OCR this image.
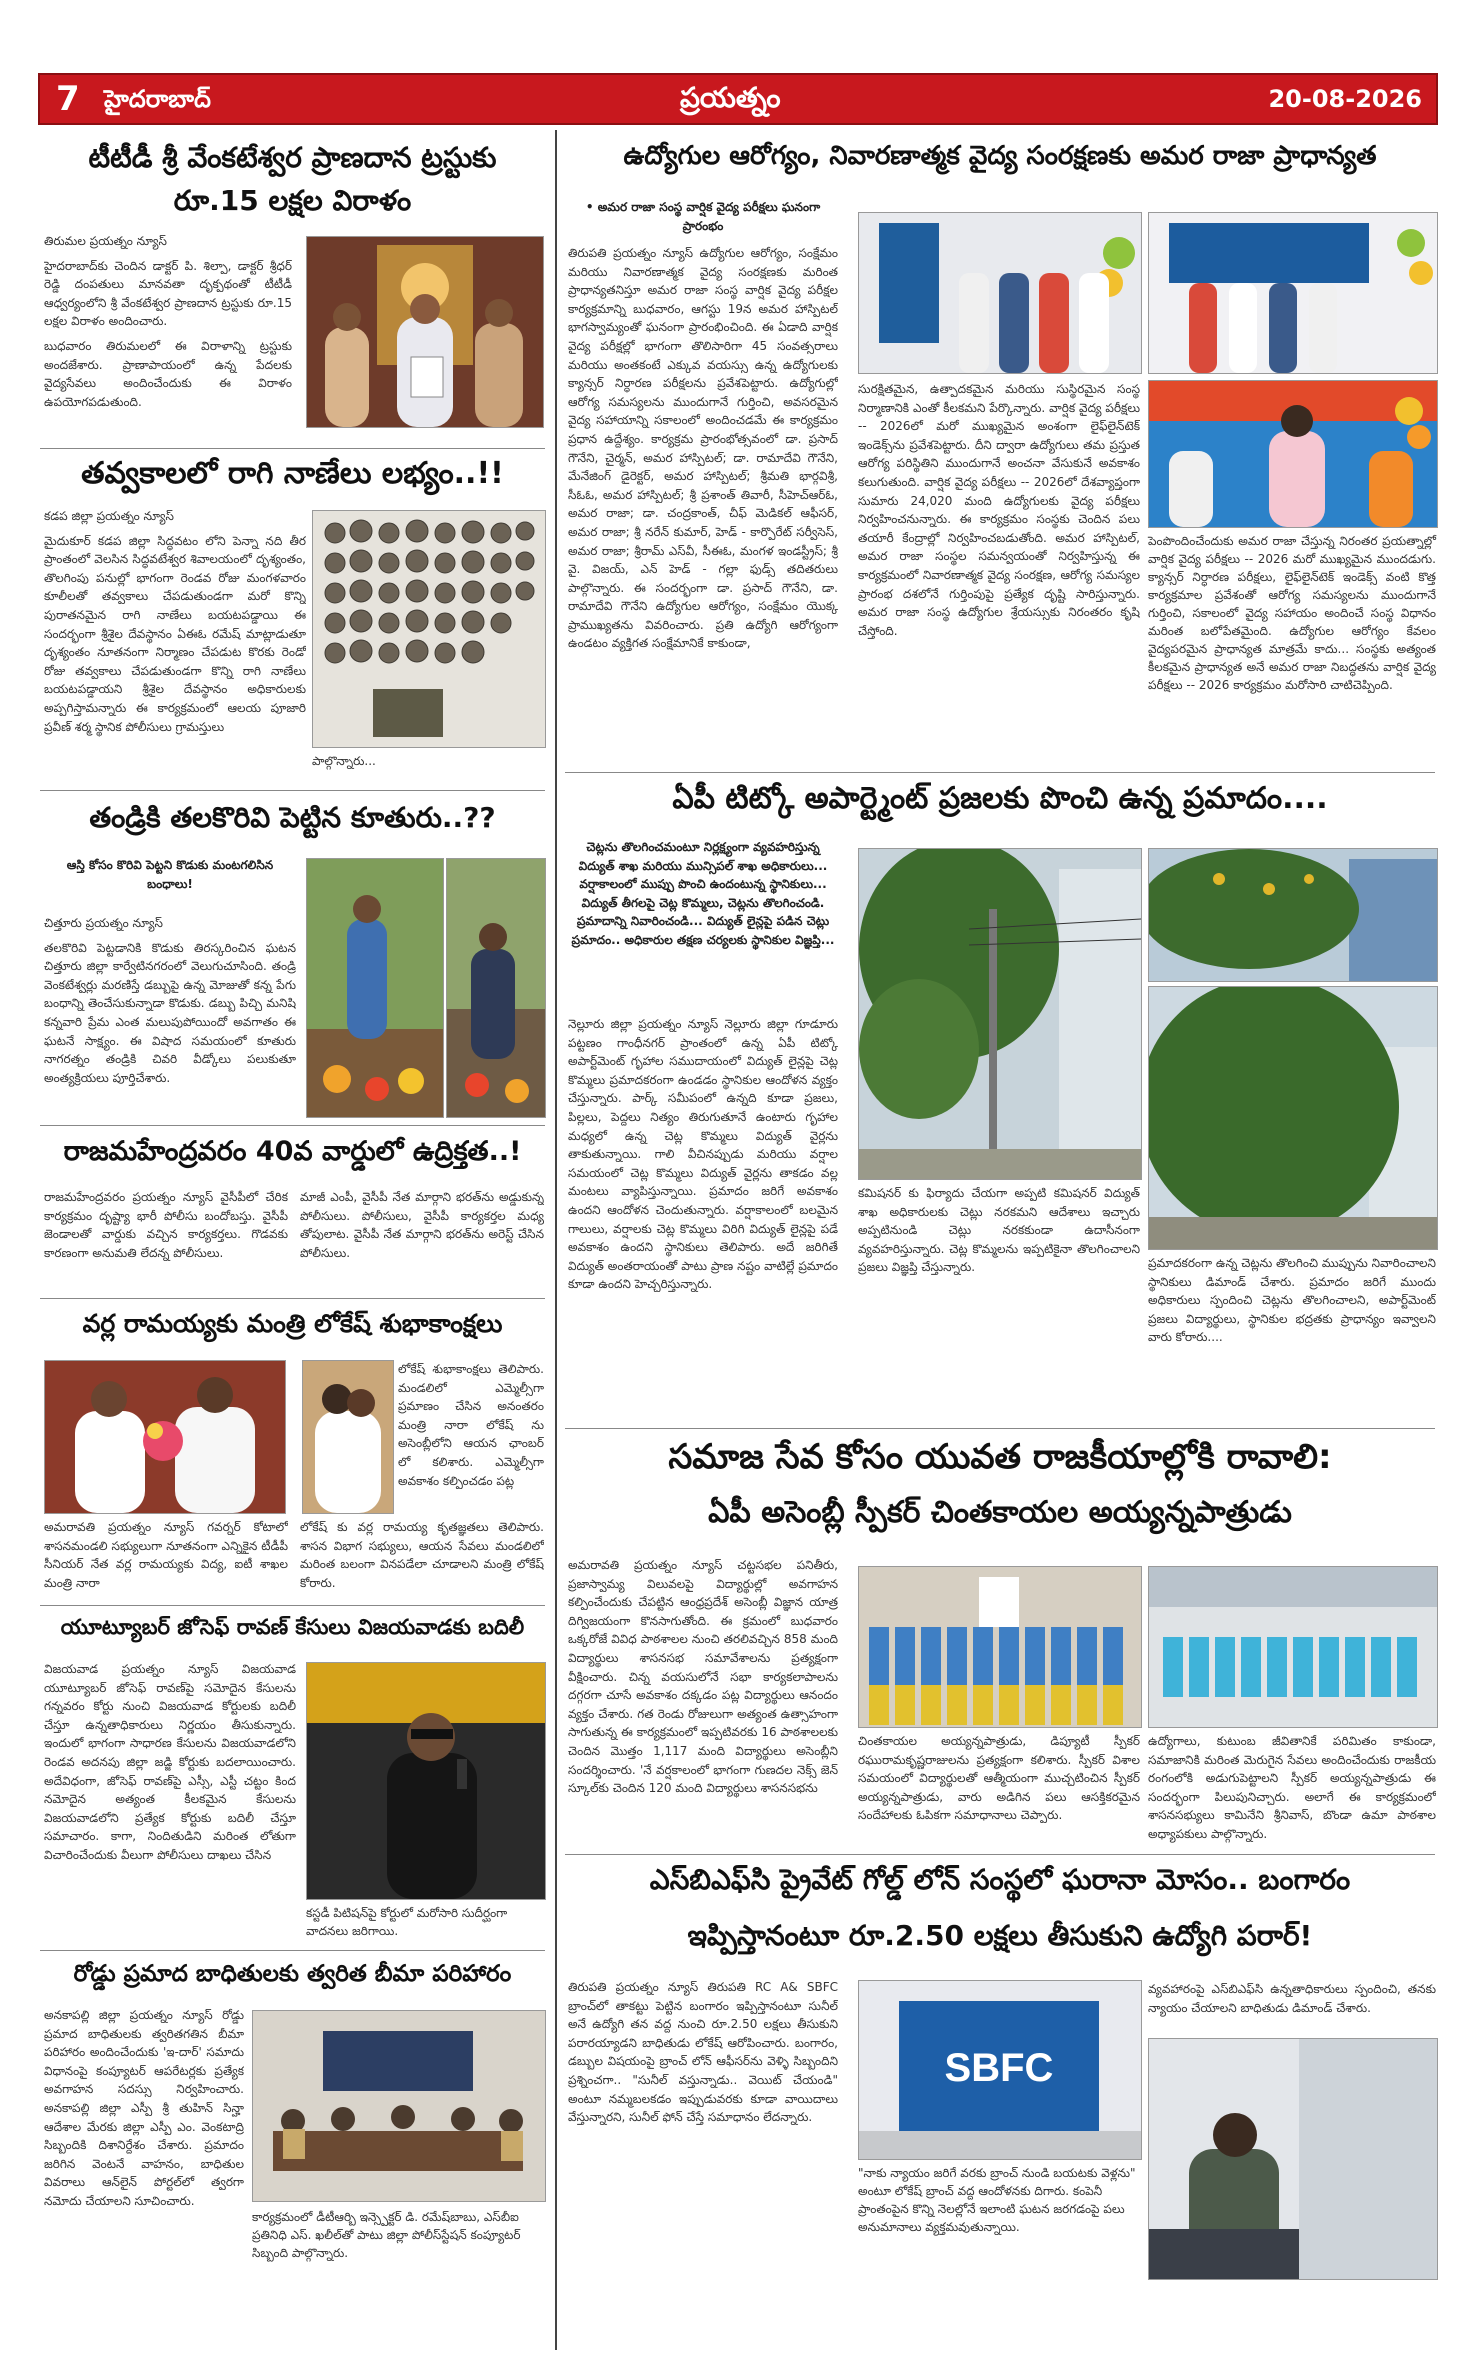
7 హైదరాబాద్	ప్రయత్నం	20-08-2026
టీటీడీ శ్రీ వేంకటేశ్వర ప్రాణదాన ట్రస్టుకు
రూ.15 లక్షల విరాళం

తిరుమల ప్రయత్నం న్యూస్

హైదరాబాద్‌కు చెందిన డాక్టర్ పి. శిల్పా, డాక్టర్ శ్రీధర్ రెడ్డి దంపతులు మానవతా దృక్పథంతో టీటీడీ ఆధ్వర్యంలోని శ్రీ వేంకటేశ్వర ప్రాణదాన ట్రస్టుకు రూ.15 లక్షల విరాళం అందించారు.

బుధవారం తిరుమలలో ఈ విరాళాన్ని ట్రస్టుకు అందజేశారు. ప్రాణాపాయంలో ఉన్న పేదలకు వైద్యసేవలు అందించేందుకు ఈ విరాళం ఉపయోగపడుతుంది.

తవ్వకాలలో రాగి నాణేలు లభ్యం..!!

కడప జిల్లా ప్రయత్నం న్యూస్

మైదుకూర్ కడప జిల్లా సిద్ధవటం లోని పెన్నా నది తీర ప్రాంతంలో వెలసిన సిద్ధవటేశ్వర శివాలయంలో దృశ్యంతం, తొలగింపు పనుల్లో భాగంగా రెండవ రోజు మంగళవారం కూలీలతో తవ్వకాలు చేపడుతుండగా మరో కొన్ని పురాతనమైన రాగి నాణేలు బయటపడ్డాయి ఈ సందర్భంగా శ్రీశైల దేవస్థానం ఏఈఓ రమేష్ మాట్లాడుతూ దృశ్యంతం నూతనంగా నిర్మాణం చేపడుట కొరకు రెండో రోజు తవ్వకాలు చేపడుతుండగా కొన్ని రాగి నాణేలు బయటపడ్డాయని శ్రీశైల దేవస్థానం అధికారులకు అప్పగిస్తామన్నారు ఈ కార్యక్రమంలో ఆలయ పూజారి ప్రవీణ్ శర్మ స్థానిక పోలీసులు గ్రామస్తులు

పాల్గొన్నారు...
తండ్రికి తలకొరివి పెట్టిన కూతురు..??
ఆస్తి కోసం కొరివి పెట్టని కొడుకు మంటగలిసిన బంధాలు!

చిత్తూరు ప్రయత్నం న్యూస్

తలకొరివి పెట్టడానికి కొడుకు తిరస్కరించిన ఘటన చిత్తూరు జిల్లా కార్వేటినగరంలో వెలుగుచూసింది. తండ్రి వెంకటేశ్వర్లు మరణిస్తే డబ్బుపై ఉన్న మోజుతో కన్న పేగు బంధాన్ని తెంచేసుకున్నాడా కొడుకు. డబ్బు పిచ్చి మనిషి కన్నవారి ప్రేమ ఎంత మలుపుపోయిందో అవగాతం ఈ ఘటనే సాక్ష్యం. ఈ విషాద సమయంలో కూతురు నాగరత్నం తండ్రికి చివరి వీడ్కోలు పలుకుతూ అంత్యక్రియలు పూర్తిచేశారు.

రాజమహేంద్రవరం 40వ వార్డులో ఉద్రిక్తత..!
రాజమహేంద్రవరం ప్రయత్నం న్యూస్ వైసీపీలో చేరిక కార్యక్రమం దృష్ట్యా భారీ పోలీసు బందోబస్తు. వైసీపీ జెండాలతో వార్డుకు వచ్చిన కార్యకర్తలు. గొడవకు కారణంగా అనుమతి లేదన్న పోలీసులు.
మాజీ ఎంపీ, వైసీపీ నేత మార్గాని భరత్‌ను అడ్డుకున్న పోలీసులు. పోలీసులు, వైసీపీ కార్యకర్తల మధ్య తోపులాట. వైసీపీ నేత మార్గాని భరత్‌ను అరెస్ట్ చేసిన పోలీసులు.
వర్ల రామయ్యకు మంత్రి లోకేష్ శుభాకాంక్షలు
లోకేష్ శుభాకాంక్షలు తెలిపారు. మండలిలో ఎమ్మెల్సీగా ప్రమాణం చేసిన అనంతరం మంత్రి నారా లోకేష్ ను అసెంబ్లీలోని ఆయన ఛాంబర్ లో కలిశారు. ఎమ్మెల్సీగా అవకాశం కల్పించడం పట్ల
అమరావతి ప్రయత్నం న్యూస్ గవర్నర్ కోటాలో శాసనమండలి సభ్యులుగా నూతనంగా ఎన్నికైన టీడీపీ సీనియర్ నేత వర్ల రామయ్యకు విద్య, ఐటీ శాఖల మంత్రి నారా
లోకేష్ కు వర్ల రామయ్య కృతజ్ఞతలు తెలిపారు. శాసన విభాగ సభ్యులు, ఆయన సేవలు మండలిలో మరింత బలంగా వినపడేలా చూడాలని మంత్రి లోకేష్ కోరారు.
యూట్యూబర్ జోసెఫ్ రావణ్ కేసులు విజయవాడకు బదిలీ
విజయవాడ ప్రయత్నం న్యూస్ విజయవాడ యూట్యూబర్ జోసెఫ్ రావణ్‌పై సమోదైన కేసులను గన్నవరం కోర్టు నుంచి విజయవాడ కోర్టులకు బదిలీ చేస్తూ ఉన్నతాధికారులు నిర్ణయం తీసుకున్నారు. ఇందులో భాగంగా సాధారణ కేసులను విజయవాడలోని రెండవ అదనపు జిల్లా జడ్జి కోర్టుకు బదలాయించారు. అదేవిధంగా, జోసెఫ్ రావణ్‌పై ఎస్సీ, ఎస్టీ చట్టం కింద నమోదైన అత్యంత కీలకమైన కేసులను విజయవాడలోని ప్రత్యేక కోర్టుకు బదిలీ చేస్తూ సమాచారం. కాగా, నిందితుడిని మరింత లోతుగా విచారించేందుకు వీలుగా పోలీసులు దాఖలు చేసిన
కస్టడీ పిటిషన్‌పై కోర్టులో మరోసారి సుదీర్ఘంగా వాదనలు జరిగాయి.
రోడ్డు ప్రమాద బాధితులకు త్వరిత బీమా పరిహారం
అనకాపల్లి జిల్లా ప్రయత్నం న్యూస్ రోడ్డు ప్రమాద బాధితులకు త్వరితగతిన బీమా పరిహారం అందించేందుకు 'ఇ-దార్' సమాదు విధానంపై కంప్యూటర్ ఆపరేటర్లకు ప్రత్యేక అవగాహన సదస్సు నిర్వహించారు. అనకాపల్లి జిల్లా ఎస్పీ శ్రీ తుహిన్ సిన్హా ఆదేశాల మేరకు జిల్లా ఎస్పీ ఎం. వెంకటాద్రి సిబ్బందికి దిశానిర్దేశం చేశారు. ప్రమాదం జరిగిన వెంటనే వాహనం, బాధితుల వివరాలు ఆన్‌లైన్ పోర్టల్‌లో త్వరగా నమోదు చేయాలని సూచించారు.
కార్యక్రమంలో డీటీఆర్బి ఇన్స్పెక్టర్ డి. రమేష్‌బాబు, ఎస్‌బీఐ ప్రతినిధి ఎస్. ఖలీల్‌తో పాటు జిల్లా పోలీస్‌స్టేషన్ కంప్యూటర్ సిబ్బంది పాల్గొన్నారు.
ఉద్యోగుల ఆరోగ్యం, నివారణాత్మక వైద్య సంరక్షణకు అమర రాజా ప్రాధాన్యత
• అమర రాజా సంస్థ వార్షిక వైద్య పరీక్షలు ఘనంగా ప్రారంభం
తిరుపతి ప్రయత్నం న్యూస్ ఉద్యోగుల ఆరోగ్యం, సంక్షేమం మరియు నివారణాత్మక వైద్య సంరక్షణకు మరింత ప్రాధాన్యతనిస్తూ అమర రాజా సంస్థ వార్షిక వైద్య పరీక్షల కార్యక్రమాన్ని బుధవారం, ఆగస్టు 19న అమర హాస్పిటల్ భాగస్వామ్యంతో ఘనంగా ప్రారంభించింది. ఈ ఏడాది వార్షిక వైద్య పరీక్షల్లో భాగంగా తొలిసారిగా 45 సంవత్సరాలు మరియు అంతకంటే ఎక్కువ వయస్సు ఉన్న ఉద్యోగులకు క్యాన్సర్ నిర్ధారణ పరీక్షలను ప్రవేశపెట్టారు. ఉద్యోగుల్లో ఆరోగ్య సమస్యలను ముందుగానే గుర్తించి, అవసరమైన వైద్య సహాయాన్ని సకాలంలో అందించడమే ఈ కార్యక్రమం ప్రధాన ఉద్దేశ్యం. కార్యక్రమ ప్రారంభోత్సవంలో డా. ప్రసాద్ గౌనేని, చైర్మన్, అమర హాస్పిటల్; డా. రామాదేవి గౌనేని, మేనేజింగ్ డైరెక్టర్, అమర హాస్పిటల్; శ్రీమతి భార్గవిశ్రీ, సీఓఓ, అమర హాస్పిటల్; శ్రీ ప్రశాంత్ తివారీ, సీహెచ్ఆర్ఓ, అమర రాజా; డా. చంద్రకాంత్, చీఫ్ మెడికల్ ఆఫీసర్, అమర రాజా; శ్రీ నరేన్ కుమార్, హెడ్ - కార్పొరేట్ సర్వీసెస్, అమర రాజా; శ్రీరామ్ ఎస్‌వీ, సీఈఓ, మంగళ ఇండస్ట్రీస్; శ్రీ వై. విజయ్, ఎన్ హెడ్ - గల్లా ఫుడ్స్ తదితరులు పాల్గొన్నారు. ఈ సందర్భంగా డా. ప్రసాద్ గౌనేని, డా. రామాదేవి గౌనేని ఉద్యోగుల ఆరోగ్యం, సంక్షేమం యొక్క ప్రాముఖ్యతను వివరించారు. ప్రతి ఉద్యోగి ఆరోగ్యంగా ఉండటం వ్యక్తిగత సంక్షేమానికే కాకుండా,
సురక్షితమైన, ఉత్పాదకమైన మరియు సుస్థిరమైన సంస్థ నిర్మాణానికి ఎంతో కీలకమని పేర్కొన్నారు. వార్షిక వైద్య పరీక్షలు -- 2026లో మరో ముఖ్యమైన అంశంగా లైఫ్‌లైన్‌టెక్ ఇండెక్స్‌ను ప్రవేశపెట్టారు. దీని ద్వారా ఉద్యోగులు తమ ప్రస్తుత ఆరోగ్య పరిస్థితిని ముందుగానే అంచనా వేసుకునే అవకాశం కలుగుతుంది. వార్షిక వైద్య పరీక్షలు -- 2026లో దేశవ్యాప్తంగా సుమారు 24,020 మంది ఉద్యోగులకు వైద్య పరీక్షలు నిర్వహించనున్నారు. ఈ కార్యక్రమం సంస్థకు చెందిన పలు తయారీ కేంద్రాల్లో నిర్వహించబడుతోంది. అమర హాస్పిటల్, అమర రాజా సంస్థల సమన్వయంతో నిర్వహిస్తున్న ఈ కార్యక్రమంలో నివారణాత్మక వైద్య సంరక్షణ, ఆరోగ్య సమస్యల ప్రారంభ దశలోనే గుర్తింపుపై ప్రత్యేక దృష్టి సారిస్తున్నారు. అమర రాజా సంస్థ ఉద్యోగుల శ్రేయస్సుకు నిరంతరం కృషి చేస్తోంది.
పెంపొందించేందుకు అమర రాజా చేస్తున్న నిరంతర ప్రయత్నాల్లో వార్షిక వైద్య పరీక్షలు -- 2026 మరో ముఖ్యమైన ముందడుగు. క్యాన్సర్ నిర్ధారణ పరీక్షలు, లైఫ్‌లైన్‌టెక్ ఇండెక్స్ వంటి కొత్త కార్యక్రమాల ప్రవేశంతో ఆరోగ్య సమస్యలను ముందుగానే గుర్తించి, సకాలంలో వైద్య సహాయం అందించే సంస్థ విధానం మరింత బలోపేతమైంది. ఉద్యోగుల ఆరోగ్యం కేవలం వైద్యపరమైన ప్రాధాన్యత మాత్రమే కాదు... సంస్థకు అత్యంత కీలకమైన ప్రాధాన్యత అనే అమర రాజా నిబద్ధతను వార్షిక వైద్య పరీక్షలు -- 2026 కార్యక్రమం మరోసారి చాటిచెప్పింది.
ఏపీ టిట్కో అపార్ట్మెంట్ ప్రజలకు పొంచి ఉన్న ప్రమాదం....
చెట్లను తొలగించమంటూ నిర్లక్ష్యంగా వ్యవహరిస్తున్న విద్యుత్ శాఖ మరియు మున్సిపల్ శాఖ అధికారులు... వర్షాకాలంలో ముప్పు పొంచి ఉందంటున్న స్థానికులు... విద్యుత్ తీగలపై చెట్ల కొమ్మలు, చెట్లను తొలగించండి. ప్రమాదాన్ని నివారించండి... విద్యుత్ లైన్లపై పడిన చెట్లు ప్రమాదం.. అధికారుల తక్షణ చర్యలకు స్థానికుల విజ్ఞప్తి...
నెల్లూరు జిల్లా ప్రయత్నం న్యూస్ నెల్లూరు జిల్లా గూడూరు పట్టణం గాంధీనగర్ ప్రాంతంలో ఉన్న ఏపీ టిట్కో అపార్ట్‌మెంట్ గృహాల సముదాయంలో విద్యుత్ లైన్లపై చెట్ల కొమ్మలు ప్రమాదకరంగా ఉండడం స్థానికుల ఆందోళన వ్యక్తం చేస్తున్నారు. పార్క్ సమీపంలో ఉన్నది కూడా ప్రజలు, పిల్లలు, పెద్దలు నిత్యం తిరుగుతూనే ఉంటారు గృహాల మధ్యలో ఉన్న చెట్ల కొమ్మలు విద్యుత్ వైర్లను తాకుతున్నాయి. గాలి వీచినప్పుడు మరియు వర్షాల సమయంలో చెట్ల కొమ్మలు విద్యుత్ వైర్లను తాకడం వల్ల మంటలు వ్యాపిస్తున్నాయి. ప్రమాదం జరిగే అవకాశం ఉందని ఆందోళన చెందుతున్నారు. వర్షాకాలంలో బలమైన గాలులు, వర్షాలకు చెట్ల కొమ్మలు విరిగి విద్యుత్ లైన్లపై పడే అవకాశం ఉందని స్థానికులు తెలిపారు. అదే జరిగితే విద్యుత్ అంతరాయంతో పాటు ప్రాణ నష్టం వాటిల్లే ప్రమాదం కూడా ఉందని హెచ్చరిస్తున్నారు.
కమిషనర్ కు ఫిర్యాదు చేయగా అప్పటి కమిషనర్ విద్యుత్ శాఖ అధికారులకు చెట్లు నరకమని ఆదేశాలు ఇచ్చారు అప్పటినుండి చెట్లు నరకకుండా ఉదాసీనంగా వ్యవహరిస్తున్నారు. చెట్ల కొమ్మలను ఇప్పటికైనా తొలగించాలని ప్రజలు విజ్ఞప్తి చేస్తున్నారు.	ప్రమాదకరంగా ఉన్న చెట్లను తొలగించి ముప్పును నివారించాలని స్థానికులు డిమాండ్ చేశారు. ప్రమాదం జరిగే ముందు అధికారులు స్పందించి చెట్లను తొలగించాలని, అపార్ట్‌మెంట్ ప్రజలు విద్యార్థులు, స్థానికుల భద్రతకు ప్రాధాన్యం ఇవ్వాలని వారు కోరారు....
సమాజ సేవ కోసం యువత రాజకీయాల్లోకి రావాలి:
ఏపీ అసెంబ్లీ స్పీకర్ చింతకాయల అయ్యన్నపాత్రుడు
అమరావతి ప్రయత్నం న్యూస్ చట్టసభల పనితీరు, ప్రజాస్వామ్య విలువలపై విద్యార్థుల్లో అవగాహన కల్పించేందుకు చేపట్టిన ఆంధ్రప్రదేశ్ అసెంబ్లీ విజ్ఞాన యాత్ర దిగ్విజయంగా కొనసాగుతోంది. ఈ క్రమంలో బుధవారం ఒక్కరోజే వివిధ పాఠశాలల నుంచి తరలివచ్చిన 858 మంది విద్యార్థులు శాసనసభ సమావేశాలను ప్రత్యక్షంగా వీక్షించారు. చిన్న వయసులోనే సభా కార్యకలాపాలను దగ్గరగా చూసే అవకాశం దక్కడం పట్ల విద్యార్థులు ఆనందం వ్యక్తం చేశారు. గత రెండు రోజులుగా అత్యంత ఉత్సాహంగా సాగుతున్న ఈ కార్యక్రమంలో ఇప్పటివరకు 16 పాఠశాలలకు చెందిన మొత్తం 1,117 మంది విద్యార్థులు అసెంబ్లీని సందర్శించారు. 'నే వర్షకాలంలో భాగంగా గుణదల నెక్స్ జెన్ స్కూల్‌కు చెందిన 120 మంది విద్యార్థులు శాసనసభను
చింతకాయల అయ్యన్నపాత్రుడు, డిప్యూటీ స్పీకర్ రఘురామకృష్ణరాజులను ప్రత్యక్షంగా కలిశారు. స్పీకర్ విశాల సమయంలో విద్యార్థులతో ఆత్మీయంగా ముచ్చటించిన స్పీకర్ అయ్యన్నపాత్రుడు, వారు అడిగిన పలు ఆసక్తికరమైన సందేహాలకు ఓపికగా సమాధానాలు చెప్పారు.
ఉద్యోగాలు, కుటుంబ జీవితానికే పరిమితం కాకుండా, సమాజానికి మరింత మెరుగైన సేవలు అందించేందుకు రాజకీయ రంగంలోకి అడుగుపెట్టాలని స్పీకర్ అయ్యన్నపాత్రుడు ఈ సందర్భంగా పిలుపునిచ్చారు. అలాగే ఈ కార్యక్రమంలో శాసనసభ్యులు కామినేని శ్రీనివాస్, బొండా ఉమా పాఠశాల అధ్యాపకులు పాల్గొన్నారు.
ఎస్‌బిఎఫ్‌సి ప్రైవేట్ గోల్డ్ లోన్ సంస్థలో ఘరానా మోసం.. బంగారం
ఇప్పిస్తానంటూ రూ.2.50 లక్షలు తీసుకుని ఉద్యోగి పరార్!
తిరుపతి ప్రయత్నం న్యూస్ తిరుపతి RC A& SBFC బ్రాంచ్‌లో తాకట్టు పెట్టిన బంగారం ఇప్పిస్తానంటూ సునీల్ అనే ఉద్యోగి తన వద్ద నుంచి రూ.2.50 లక్షలు తీసుకుని పరారయ్యాడని బాధితుడు లోకేష్ ఆరోపించారు. బంగారం, డబ్బుల విషయంపై బ్రాంచ్ లోన్ ఆఫీసర్‌ను వెళ్ళి సిబ్బందిని ప్రశ్నించగా.. "సునీల్ వస్తున్నాడు.. వెయిట్ చేయండి" అంటూ నమ్మబలకడం ఇప్పుడువరకు కూడా వాయిదాలు వేస్తున్నారని, సునీల్ ఫోన్ చేస్తే సమాధానం లేదన్నారు.
SBFC
"నాకు న్యాయం జరిగే వరకు బ్రాంచ్ నుండి బయటకు వెళ్లను" అంటూ లోకేష్ బ్రాంచ్ వద్ద ఆందోళనకు దిగారు. కంపెనీ ప్రాంతంపైన కొన్ని నెలల్లోనే ఇలాంటి ఘటన జరగడంపై పలు అనుమానాలు వ్యక్తమవుతున్నాయి.
వ్యవహారంపై ఎస్‌బిఎఫ్‌సి ఉన్నతాధికారులు స్పందించి, తనకు న్యాయం చేయాలని బాధితుడు డిమాండ్ చేశారు.
